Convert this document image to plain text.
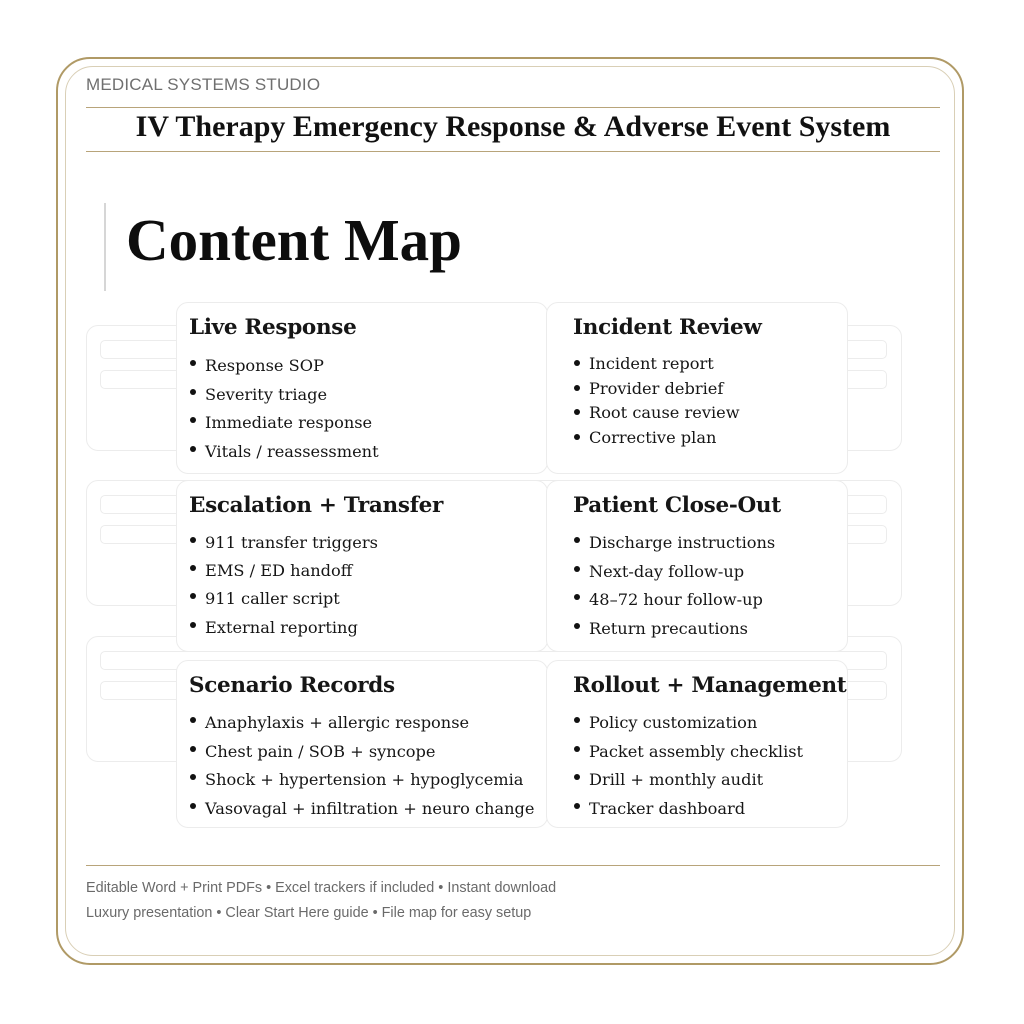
MEDICAL SYSTEMS STUDIO
IV Therapy Emergency Response & Adverse Event System
Content Map
Live Response
Response SOP
Severity triage
Immediate response
Vitals / reassessment
Incident Review
Incident report
Provider debrief
Root cause review
Corrective plan
Escalation + Transfer
911 transfer triggers
EMS / ED handoff
911 caller script
External reporting
Patient Close-Out
Discharge instructions
Next-day follow-up
48–72 hour follow-up
Return precautions
Scenario Records
Anaphylaxis + allergic response
Chest pain / SOB + syncope
Shock + hypertension + hypoglycemia
Vasovagal + infiltration + neuro change
Rollout + Management
Policy customization
Packet assembly checklist
Drill + monthly audit
Tracker dashboard
Editable Word + Print PDFs • Excel trackers if included • Instant download
Luxury presentation • Clear Start Here guide • File map for easy setup
